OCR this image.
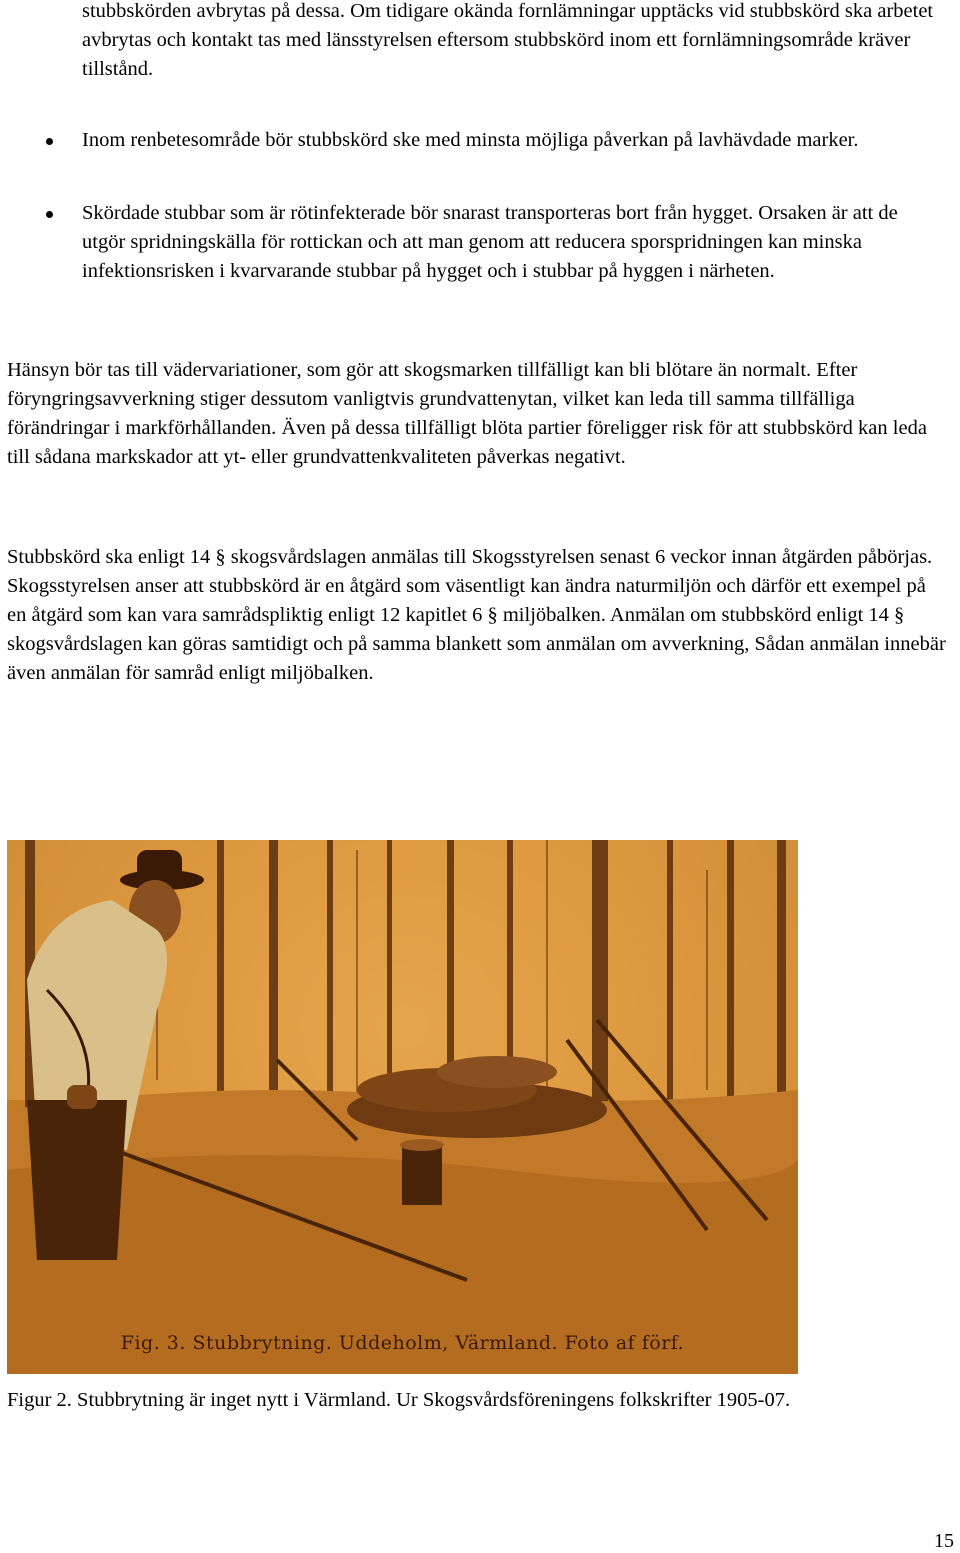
stubbskörden avbrytas på dessa. Om tidigare okända fornlämningar upptäcks vid stubbskörd ska arbetet avbrytas och kontakt tas med länsstyrelsen eftersom stubbskörd inom ett fornlämningsområde kräver tillstånd.

Inom renbetesområde bör stubbskörd ske med minsta möjliga påverkan på lavhävdade marker.

Skördade stubbar som är rötinfekterade bör snarast transporteras bort från hygget. Orsaken är att de utgör spridningskälla för rottickan och att man genom att reducera sporspridningen kan minska infektionsrisken i kvarvarande stubbar på hygget och i stubbar på hyggen i närheten.

Hänsyn bör tas till vädervariationer, som gör att skogsmarken tillfälligt kan bli blötare än normalt. Efter föryngringsavverkning stiger dessutom vanligtvis grundvattenytan, vilket kan leda till samma tillfälliga förändringar i markförhållanden. Även på dessa tillfälligt blöta partier föreligger risk för att stubbskörd kan leda till sådana markskador att yt- eller grundvattenkvaliteten påverkas negativt.

Stubbskörd ska enligt 14 § skogsvårdslagen anmälas till Skogsstyrelsen senast 6 veckor innan åtgärden påbörjas. Skogsstyrelsen anser att stubbskörd är en åtgärd som väsentligt kan ändra naturmiljön och därför ett exempel på en åtgärd som kan vara samrådspliktig enligt 12 kapitlet 6 § miljöbalken. Anmälan om stubbskörd enligt 14 § skogsvårdslagen kan göras samtidigt och på samma blankett som anmälan om avverkning, Sådan anmälan innebär även anmälan för samråd enligt miljöbalken.

Fig. 3. Stubbrytning. Uddeholm, Värmland. Foto af förf.

Figur 2. Stubbrytning är inget nytt i Värmland. Ur Skogsvårdsföreningens folkskrifter 1905-07.

15
